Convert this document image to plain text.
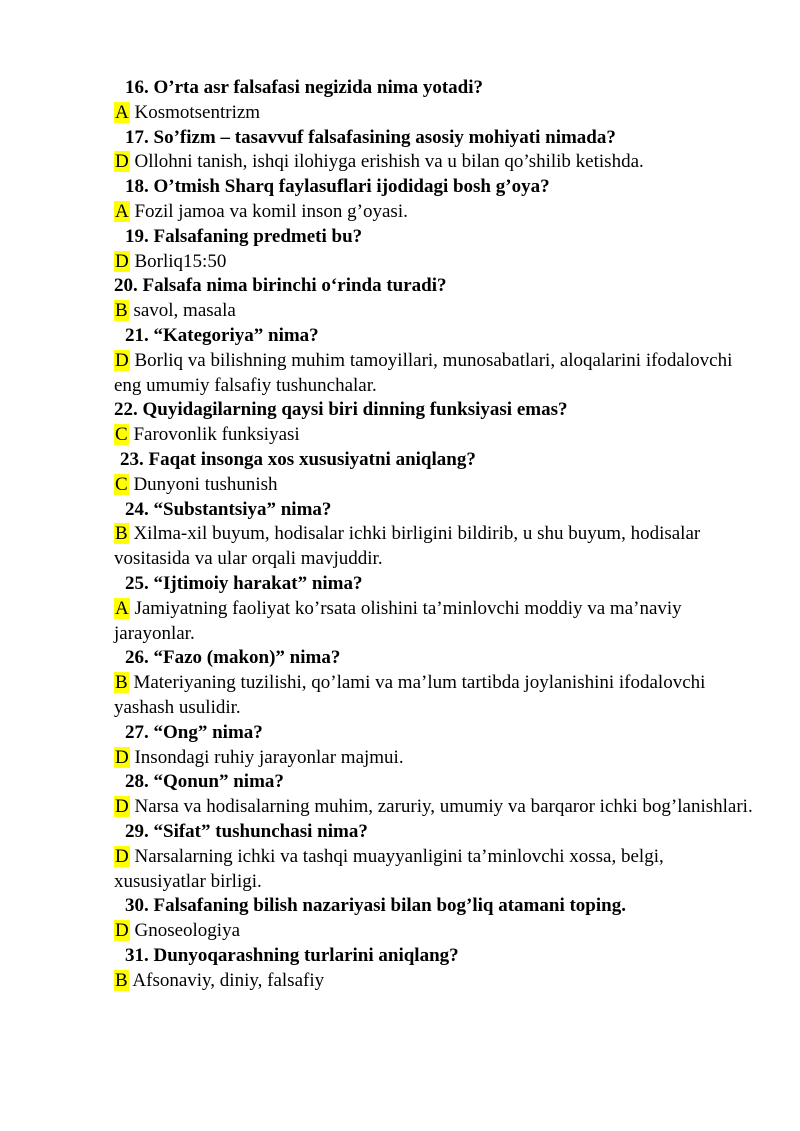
16. O’rta asr falsafasi negizida nima yotadi?

A Kosmotsentrizm

17. So’fizm – tasavvuf falsafasining asosiy mohiyati nimada?

D Ollohni tanish, ishqi ilohiyga erishish va u bilan qo’shilib ketishda.

18. O’tmish Sharq faylasuflari ijodidagi bosh g’oya?

A Fozil jamoa va komil inson g’oyasi.

19. Falsafaning predmeti bu?

D Borliq15:50

20. Falsafa nima birinchi o‘rinda turadi?

B savol, masala

21. “Kategoriya” nima?

D Borliq va bilishning muhim tamoyillari, munosabatlari, aloqalarini ifodalovchi eng umumiy falsafiy tushunchalar.

22. Quyidagilarning qaysi biri dinning funksiyasi emas?

C Farovonlik funksiyasi

23. Faqat insonga xos xususiyatni aniqlang?

C Dunyoni tushunish

24. “Substantsiya” nima?

B Xilma-xil buyum, hodisalar ichki birligini bildirib, u shu buyum, hodisalar vositasida va ular orqali mavjuddir.

25. “Ijtimoiy harakat” nima?

A Jamiyatning faoliyat ko’rsata olishini ta’minlovchi moddiy va ma’naviy jarayonlar.

26. “Fazo (makon)” nima?

B Materiyaning tuzilishi, qo’lami va ma’lum tartibda joylanishini ifodalovchi yashash usulidir.

27. “Ong” nima?

D Insondagi ruhiy jarayonlar majmui.

28. “Qonun” nima?

D Narsa va hodisalarning muhim, zaruriy, umumiy va barqaror ichki bog’lanishlari.

29. “Sifat” tushunchasi nima?

D Narsalarning ichki va tashqi muayyanligini ta’minlovchi xossa, belgi, xususiyatlar birligi.

30. Falsafaning bilish nazariyasi bilan bog’liq atamani toping.

D Gnoseologiya

31. Dunyoqarashning turlarini aniqlang?

B Afsonaviy, diniy, falsafiy
